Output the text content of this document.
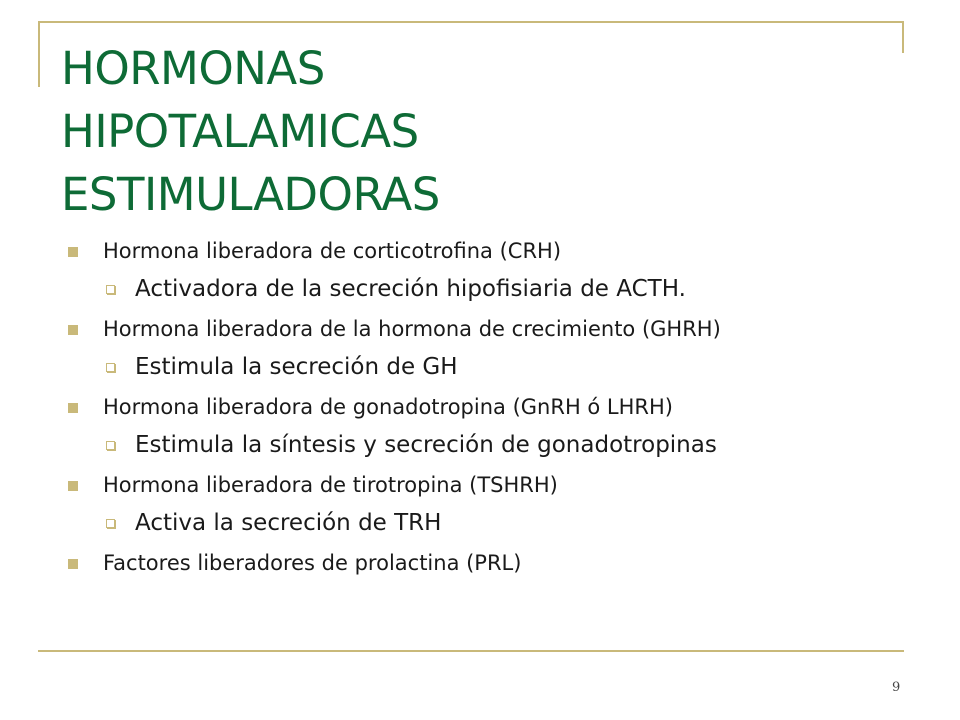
HORMONAS
HIPOTALAMICAS
ESTIMULADORAS
Hormona liberadora de corticotrofina (CRH)
Activadora de la secreción hipofisiaria de ACTH.
Hormona liberadora de la hormona de crecimiento (GHRH)
Estimula la secreción de GH
Hormona liberadora de gonadotropina (GnRH ó LHRH)
Estimula la síntesis y secreción de gonadotropinas
Hormona liberadora de tirotropina (TSHRH)
Activa la secreción de TRH
Factores liberadores de prolactina (PRL)
9
